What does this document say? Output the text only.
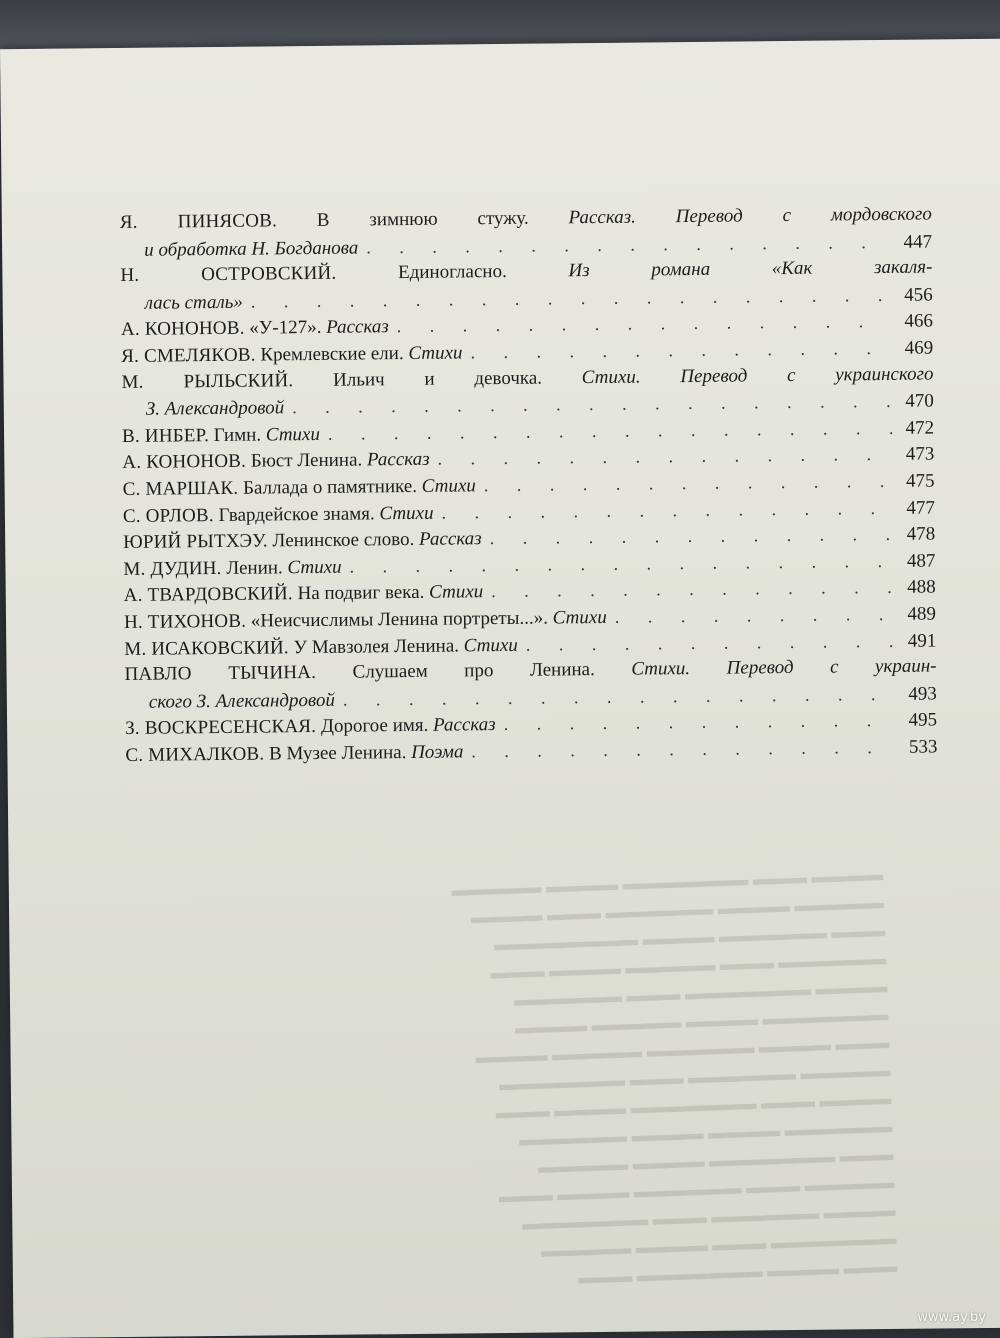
▬▬▬▬ ▬▬▬ ▬▬▬▬▬▬▬ ▬▬▬▬ ▬▬▬▬▬
▬▬▬▬▬ ▬▬▬▬ ▬▬▬▬▬▬ ▬▬▬ ▬▬▬▬
▬▬▬ ▬▬▬▬▬▬ ▬▬▬▬ ▬▬▬▬▬▬▬▬
▬▬▬▬▬▬ ▬▬▬ ▬▬▬▬▬ ▬▬▬▬ ▬▬▬
▬▬▬▬ ▬▬▬▬▬▬▬ ▬▬▬ ▬▬▬▬▬▬
▬▬▬▬▬▬▬ ▬▬▬▬ ▬▬▬▬▬ ▬▬▬▬
▬▬▬ ▬▬▬▬ ▬▬▬▬▬▬ ▬▬▬▬▬ ▬▬▬▬
▬▬▬▬▬ ▬▬▬▬▬▬ ▬▬▬ ▬▬▬▬▬▬▬
▬▬▬▬ ▬▬▬ ▬▬▬▬▬▬▬ ▬▬▬▬ ▬▬▬
▬▬▬▬▬▬ ▬▬▬▬ ▬▬▬▬ ▬▬▬▬▬▬
▬▬▬ ▬▬▬▬▬▬▬ ▬▬▬▬ ▬▬▬▬▬
▬▬▬▬▬ ▬▬▬ ▬▬▬▬▬▬ ▬▬▬▬ ▬▬▬
▬▬▬▬ ▬▬▬▬▬▬ ▬▬▬ ▬▬▬▬▬▬▬
▬▬▬▬▬▬▬ ▬▬▬ ▬▬▬▬ ▬▬▬▬▬
▬▬▬ ▬▬▬▬ ▬▬▬▬▬▬▬ ▬▬▬
Я. ПИНЯСОВ. В зимнюю стужу. Рассказ. Перевод с мордовского
и обработка Н. Богданова . . .	447
Н. ОСТРОВСКИЙ. Единогласно. Из романа «Как закаля-
лась сталь» . . .	456
А. КОНОНОВ. «У-127». Рассказ . . .	466
Я. СМЕЛЯКОВ. Кремлевские ели. Стихи . . .	469
М. РЫЛЬСКИЙ. Ильич и девочка. Стихи. Перевод с украинского
З. Александровой . . .	470
В. ИНБЕР. Гимн. Стихи . . .	472
А. КОНОНОВ. Бюст Ленина. Рассказ . . .	473
С. МАРШАК. Баллада о памятнике. Стихи . . .	475
С. ОРЛОВ. Гвардейское знамя. Стихи . . .	477
ЮРИЙ РЫТХЭУ. Ленинское слово. Рассказ . . .	478
М. ДУДИН. Ленин. Стихи . . .	487
А. ТВАРДОВСКИЙ. На подвиг века. Стихи . . .	488
Н. ТИХОНОВ. «Неисчислимы Ленина портреты...». Стихи . . .	489
М. ИСАКОВСКИЙ. У Мавзолея Ленина. Стихи . . .	491
ПАВЛО ТЫЧИНА. Слушаем про Ленина. Стихи. Перевод с украин-
ского З. Александровой . . .	493
З. ВОСКРЕСЕНСКАЯ. Дорогое имя. Рассказ . . .	495
С. МИХАЛКОВ. В Музее Ленина. Поэма . . .	533
www.ay.by
